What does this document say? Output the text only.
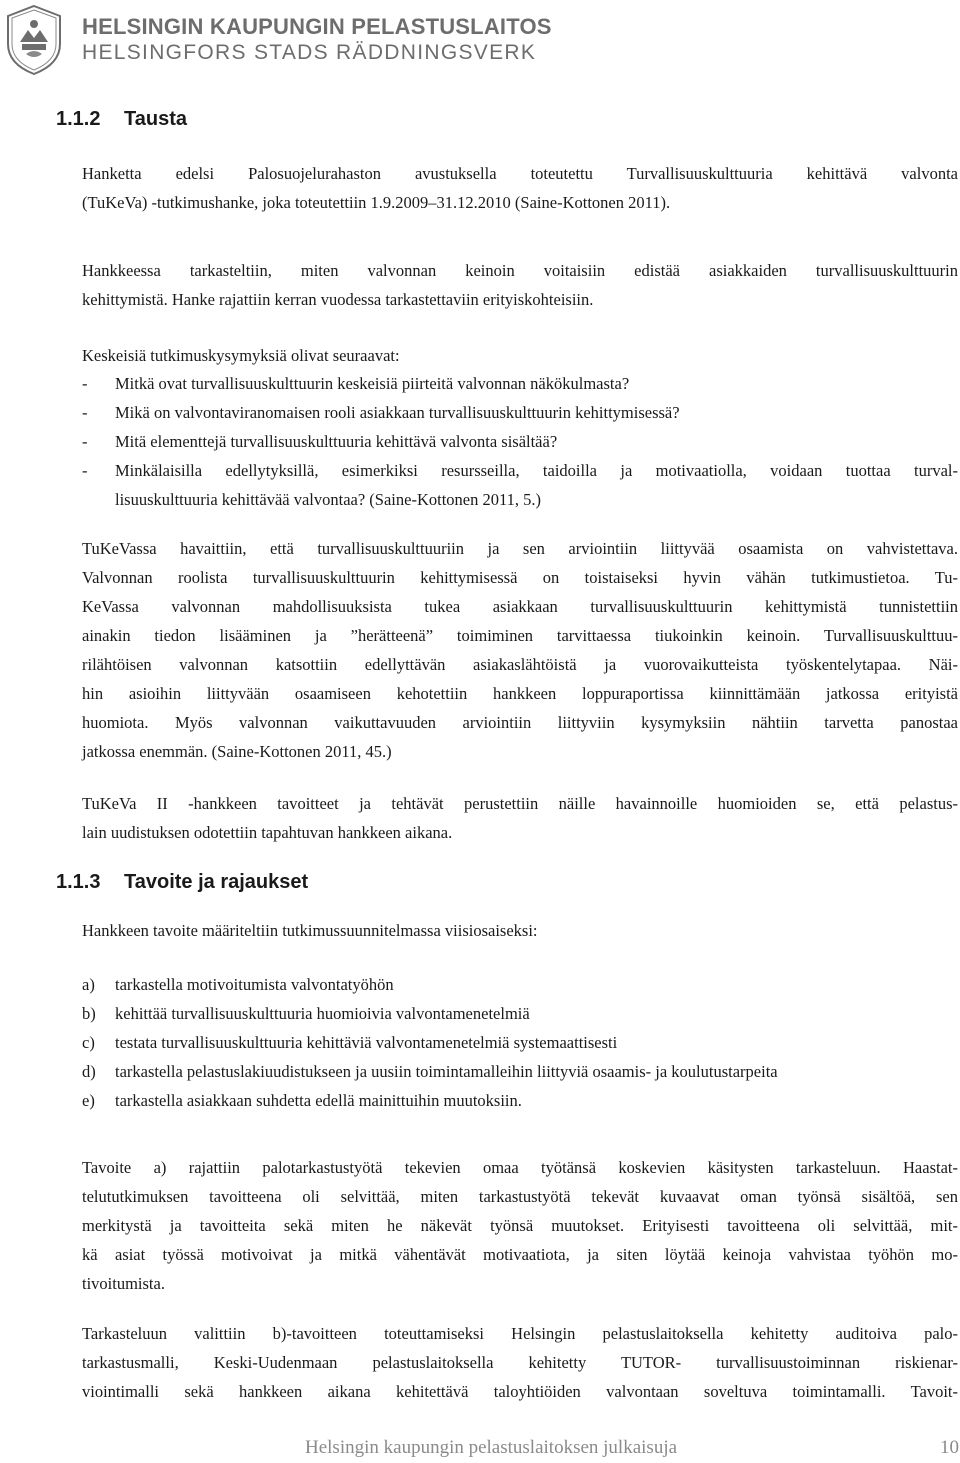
HELSINGIN KAUPUNGIN PELASTUSLAITOS
HELSINGFORS STADS RÄDDNINGSVERK
1.1.2 Tausta
Hanketta edelsi Palosuojelurahaston avustuksella toteutettu Turvallisuuskulttuuria kehittävä valvonta
(TuKeVa) -tutkimushanke, joka toteutettiin 1.9.2009–31.12.2010 (Saine-Kottonen 2011).
Hankkeessa tarkasteltiin, miten valvonnan keinoin voitaisiin edistää asiakkaiden turvallisuuskulttuurin
kehittymistä. Hanke rajattiin kerran vuodessa tarkastettaviin erityiskohteisiin.
Keskeisiä tutkimuskysymyksiä olivat seuraavat:
- Mitkä ovat turvallisuuskulttuurin keskeisiä piirteitä valvonnan näkökulmasta?
- Mikä on valvontaviranomaisen rooli asiakkaan turvallisuuskulttuurin kehittymisessä?
- Mitä elementtejä turvallisuuskulttuuria kehittävä valvonta sisältää?
- Minkälaisilla edellytyksillä, esimerkiksi resursseilla, taidoilla ja motivaatiolla, voidaan tuottaa turval-
lisuuskulttuuria kehittävää valvontaa? (Saine-Kottonen 2011, 5.)
TuKeVassa havaittiin, että turvallisuuskulttuuriin ja sen arviointiin liittyvää osaamista on vahvistettava.
Valvonnan roolista turvallisuuskulttuurin kehittymisessä on toistaiseksi hyvin vähän tutkimustietoa. Tu-
KeVassa valvonnan mahdollisuuksista tukea asiakkaan turvallisuuskulttuurin kehittymistä tunnistettiin
ainakin tiedon lisääminen ja ”herätteenä” toimiminen tarvittaessa tiukoinkin keinoin. Turvallisuuskulttuu-
rilähtöisen valvonnan katsottiin edellyttävän asiakaslähtöistä ja vuorovaikutteista työskentelytapaa. Näi-
hin asioihin liittyvään osaamiseen kehotettiin hankkeen loppuraportissa kiinnittämään jatkossa erityistä
huomiota. Myös valvonnan vaikuttavuuden arviointiin liittyviin kysymyksiin nähtiin tarvetta panostaa
jatkossa enemmän. (Saine-Kottonen 2011, 45.)
TuKeVa II -hankkeen tavoitteet ja tehtävät perustettiin näille havainnoille huomioiden se, että pelastus-
lain uudistuksen odotettiin tapahtuvan hankkeen aikana.
1.1.3 Tavoite ja rajaukset
Hankkeen tavoite määriteltiin tutkimussuunnitelmassa viisiosaiseksi:
a) tarkastella motivoitumista valvontatyöhön
b) kehittää turvallisuuskulttuuria huomioivia valvontamenetelmiä
c) testata turvallisuuskulttuuria kehittäviä valvontamenetelmiä systemaattisesti
d) tarkastella pelastuslakiuudistukseen ja uusiin toimintamalleihin liittyviä osaamis- ja koulutustarpeita
e) tarkastella asiakkaan suhdetta edellä mainittuihin muutoksiin.
Tavoite a) rajattiin palotarkastustyötä tekevien omaa työtänsä koskevien käsitysten tarkasteluun. Haastat-
telututkimuksen tavoitteena oli selvittää, miten tarkastustyötä tekevät kuvaavat oman työnsä sisältöä, sen
merkitystä ja tavoitteita sekä miten he näkevät työnsä muutokset. Erityisesti tavoitteena oli selvittää, mit-
kä asiat työssä motivoivat ja mitkä vähentävät motivaatiota, ja siten löytää keinoja vahvistaa työhön mo-
tivoitumista.
Tarkasteluun valittiin b)-tavoitteen toteuttamiseksi Helsingin pelastuslaitoksella kehitetty auditoiva palo-
tarkastusmalli, Keski-Uudenmaan pelastuslaitoksella kehitetty TUTOR- turvallisuustoiminnan riskienar-
viointimalli sekä hankkeen aikana kehitettävä taloyhtiöiden valvontaan soveltuva toimintamalli. Tavoit-
Helsingin kaupungin pelastuslaitoksen julkaisuja	10
